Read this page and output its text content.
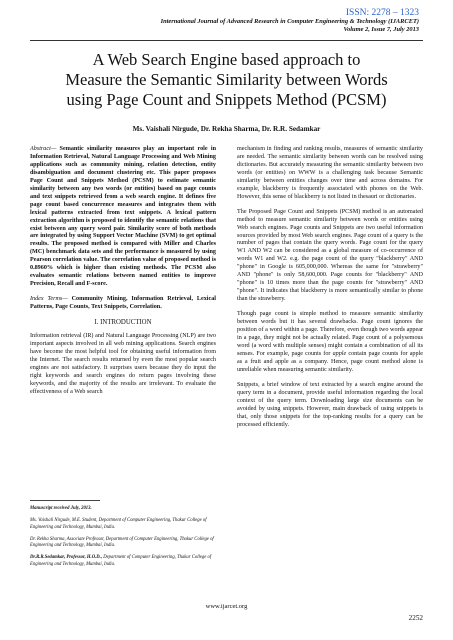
ISSN: 2278 – 1323
International Journal of Advanced Research in Computer Engineering & Technology (IJARCET)
Volume 2, Issue 7, July 2013
A Web Search Engine based approach to
Measure the Semantic Similarity between Words
using Page Count and Snippets Method (PCSM)
Ms. Vaishali Nirgude, Dr. Rekha Sharma, Dr. R.R. Sedamkar

Abstract— Semantic similarity measures play an important role in Information Retrieval, Natural Language Processing and Web Mining applications such as community mining, relation detection, entity disambiguation and document clustering etc. This paper proposes Page Count and Snippets Method (PCSM) to estimate semantic similarity between any two words (or entities) based on page counts and text snippets retrieved from a web search engine. It defines five page count based concurrence measures and integrates them with lexical patterns extracted from text snippets. A lexical pattern extraction algorithm is proposed to identify the semantic relations that exist between any query word pair. Similarity score of both methods are integrated by using Support Vector Machine (SVM) to get optimal results. The proposed method is compared with Miller and Charles (MC) benchmark data sets and the performance is measured by using Pearson correlation value. The correlation value of proposed method is 0.8960% which is higher than existing methods. The PCSM also evaluates semantic relations between named entities to improve Precision, Recall and F-score.

Index Terms— Community Mining, Information Retrieval, Lexical Patterns, Page Counts, Text Snippets, Correlation.

I. INTRODUCTION

Information retrieval (IR) and Natural Language Processing (NLP) are two important aspects involved in all web mining applications. Search engines have become the most helpful tool for obtaining useful information from the Internet. The search results returned by even the most popular search engines are not satisfactory. It surprises users because they do input the right keywords and search engines do return pages involving these keywords, and the majority of the results are irrelevant. To evaluate the effectiveness of a Web search

Manuscript received July, 2013.

Ms. Vaishali Nirgude, M.E. Student, Department of Computer Engineering, Thakur College of Engineering and Technology, Mumbai, India.

Dr. Rekha Sharma, Associate Professor, Department of Computer Engineering, Thakur College of Engineering and Technology, Mumbai, India.

Dr.R.R.Sedamkar, Professor, H.O.D., Department of Computer Engineering, Thakur College of Engineering and Technology, Mumbai, India.

mechanism in finding and ranking results, measures of semantic similarity are needed. The semantic similarity between words can be resolved using dictionaries. But accurately measuring the semantic similarity between two words (or entities) on WWW is a challenging task because Semantic similarity between entities changes over time and across domains. For example, blackberry is frequently associated with phones on the Web. However, this sense of blackberry is not listed in thesauri or dictionaries.

The Proposed Page Count and Snippets (PCSM) method is an automated method to measure semantic similarity between words or entities using Web search engines. Page counts and Snippets are two useful information sources provided by most Web search engines. Page count of a query is the number of pages that contain the query words. Page count for the query W1 AND W2 can be considered as a global measure of co-occurrence of words W1 and W2. e.g. the page count of the query "blackberry" AND "phone" in Google is 605,000,000. Whereas the same for "strawberry" AND "phone" is only 58,600,000. Page counts for "blackberry" AND "phone" is 10 times more than the page counts for "strawberry" AND "phone". It indicates that blackberry is more semantically similar to phone than the strawberry.

Though page count is simple method to measure semantic similarity between words but it has several drawbacks. Page count ignores the position of a word within a page. Therefore, even though two words appear in a page, they might not be actually related. Page count of a polysemous word (a word with multiple senses) might contain a combination of all its senses. For example, page counts for apple contain page counts for apple as a fruit and apple as a company. Hence, page count method alone is unreliable when measuring semantic similarity.

Snippets, a brief window of text extracted by a search engine around the query term in a document, provide useful information regarding the local context of the query term. Downloading large size documents can be avoided by using snippets. However, main drawback of using snippets is that, only those snippets for the top-ranking results for a query can be processed efficiently.

www.ijarcet.org
2252
